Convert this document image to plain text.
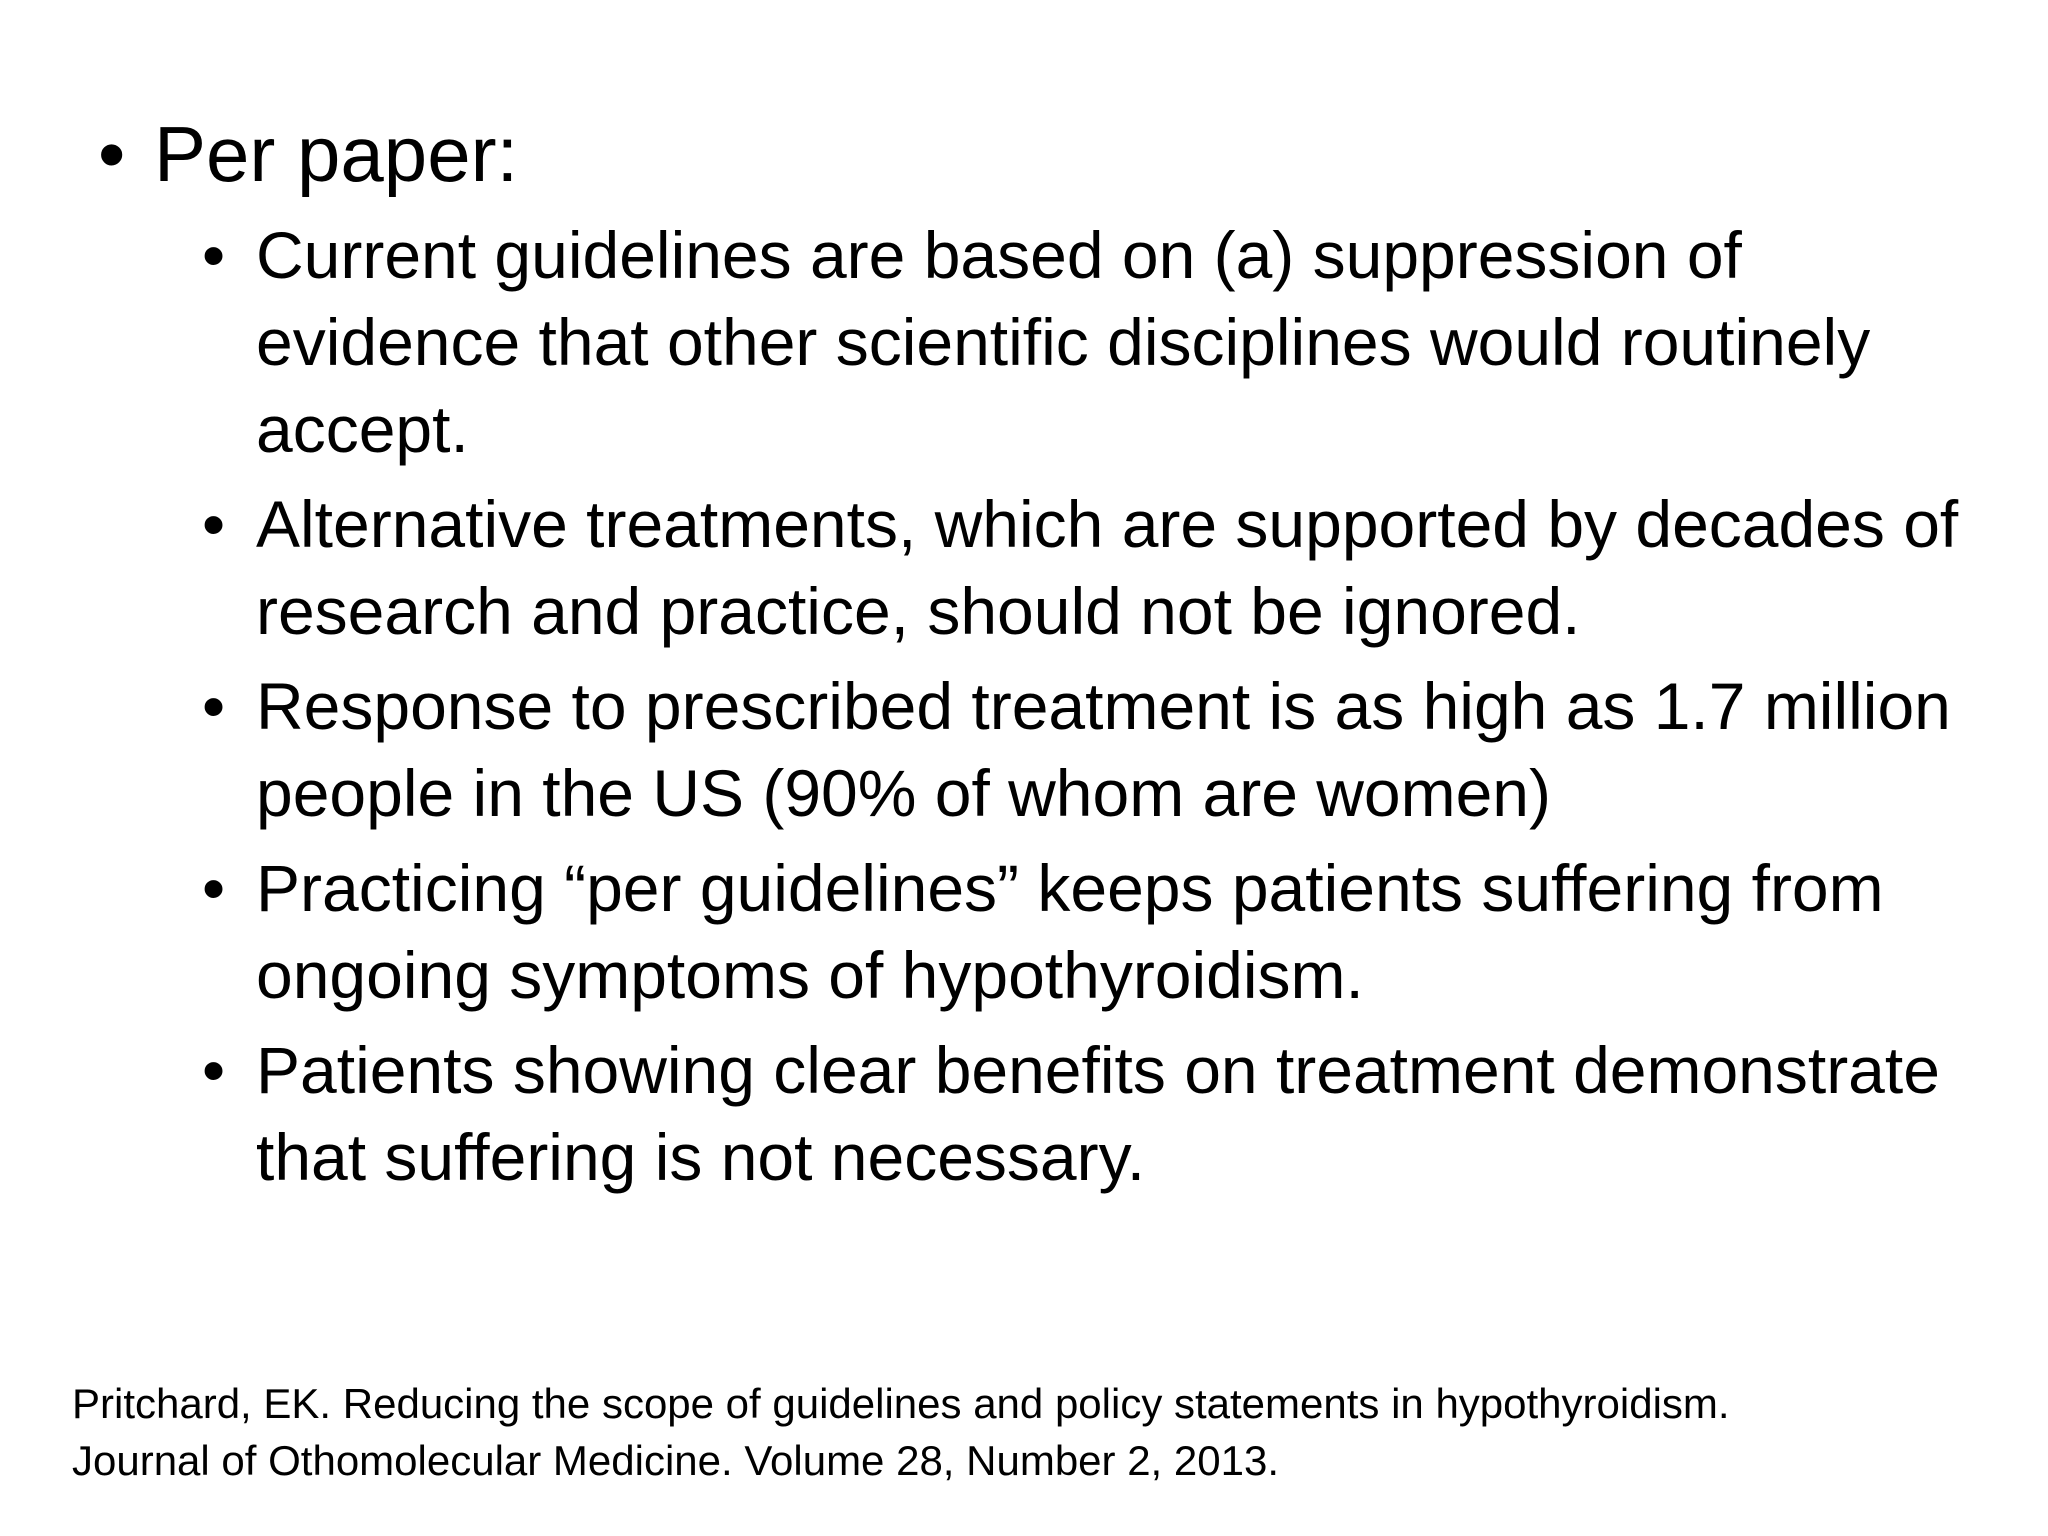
• Per paper:
• Current guidelines are based on (a) suppression of evidence that other scientific disciplines would routinely accept.
• Alternative treatments, which are supported by decades of research and practice, should not be ignored.
• Response to prescribed treatment is as high as 1.7 million people in the US (90% of whom are women)
• Practicing “per guidelines” keeps patients suffering from ongoing symptoms of hypothyroidism.
• Patients showing clear benefits on treatment demonstrate that suffering is not necessary.
Pritchard, EK. Reducing the scope of guidelines and policy statements in hypothyroidism.
Journal of Othomolecular Medicine. Volume 28, Number 2, 2013.
